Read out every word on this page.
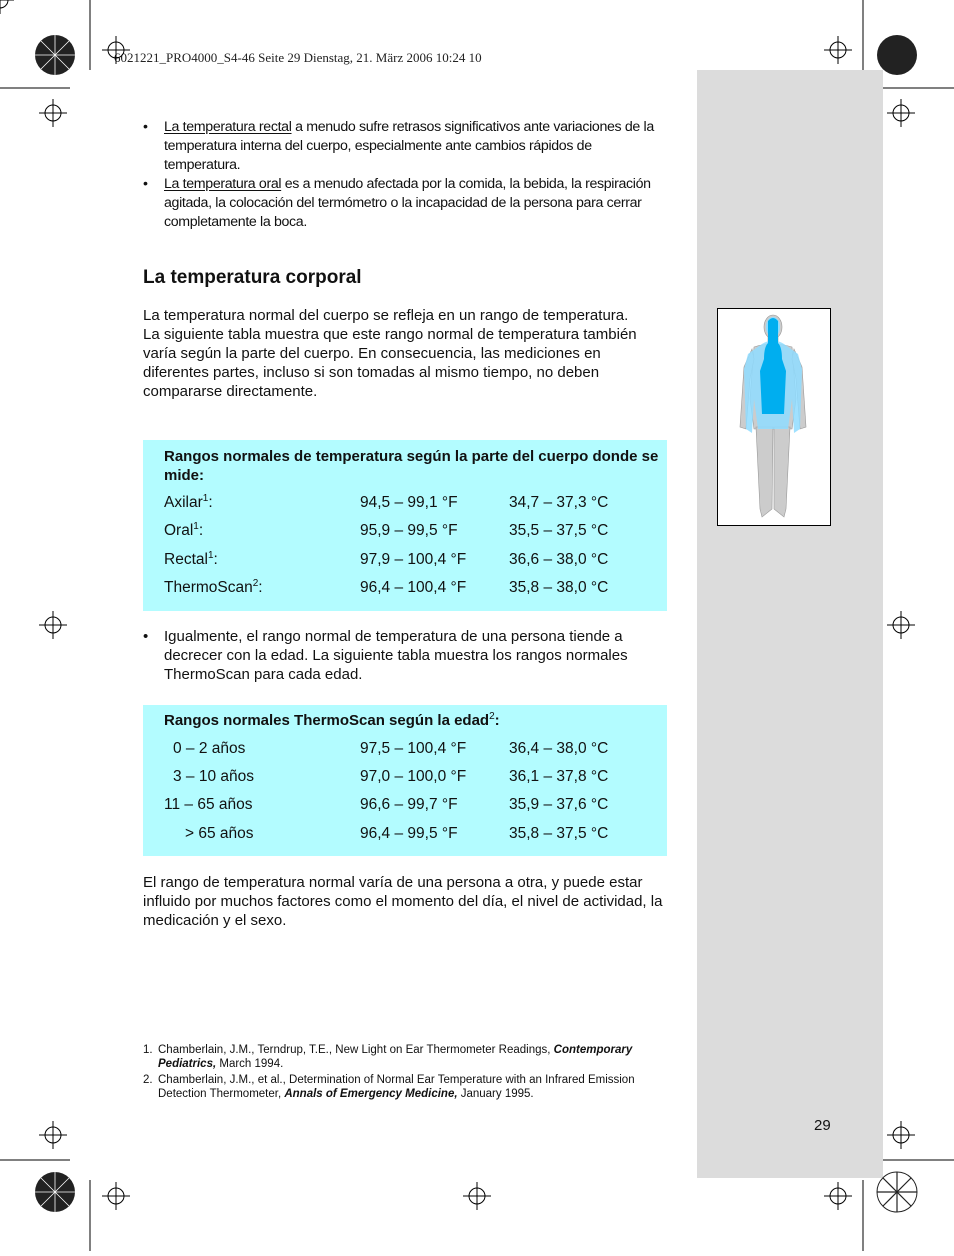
6021221_PRO4000_S4-46 Seite 29 Dienstag, 21. März 2006 10:24 10
• La temperatura rectal a menudo sufre retrasos significativos ante variaciones de la temperatura interna del cuerpo, especialmente ante cambios rápidos de temperatura.
• La temperatura oral es a menudo afectada por la comida, la bebida, la respiración agitada, la colocación del termómetro o la incapacidad de la persona para cerrar completamente la boca.
La temperatura corporal

La temperatura normal del cuerpo se refleja en un rango de temperatura.

La siguiente tabla muestra que este rango normal de temperatura también varía según la parte del cuerpo. En consecuencia, las mediciones en diferentes partes, incluso si son tomadas al mismo tiempo, no deben compararse directamente.

Rangos normales de temperatura según la parte del cuerpo donde se mide:
Axilar$^1$:	94,5 – 99,1 °F	34,7 – 37,3 °C
Oral$^1$:	95,9 – 99,5 °F	35,5 – 37,5 °C
Rectal$^1$:	97,9 – 100,4 °F	36,6 – 38,0 °C
ThermoScan$^2$:	96,4 – 100,4 °F	35,8 – 38,0 °C
• Igualmente, el rango normal de temperatura de una persona tiende a decrecer con la edad. La siguiente tabla muestra los rangos normales ThermoScan para cada edad.
Rangos normales ThermoScan según la edad$^2$:
0 – 2 años	97,5 – 100,4 °F	36,4 – 38,0 °C
3 – 10 años	97,0 – 100,0 °F	36,1 – 37,8 °C
11 – 65 años	96,6 – 99,7 °F	35,9 – 37,6 °C
> 65 años	96,4 – 99,5 °F	35,8 – 37,5 °C

El rango de temperatura normal varía de una persona a otra, y puede estar influido por muchos factores como el momento del día, el nivel de actividad, la medicación y el sexo.

1. Chamberlain, J.M., Terndrup, T.E., New Light on Ear Thermometer Readings, Contemporary Pediatrics, March 1994.
2. Chamberlain, J.M., et al., Determination of Normal Ear Temperature with an Infrared Emission Detection Thermometer, Annals of Emergency Medicine, January 1995.
29
